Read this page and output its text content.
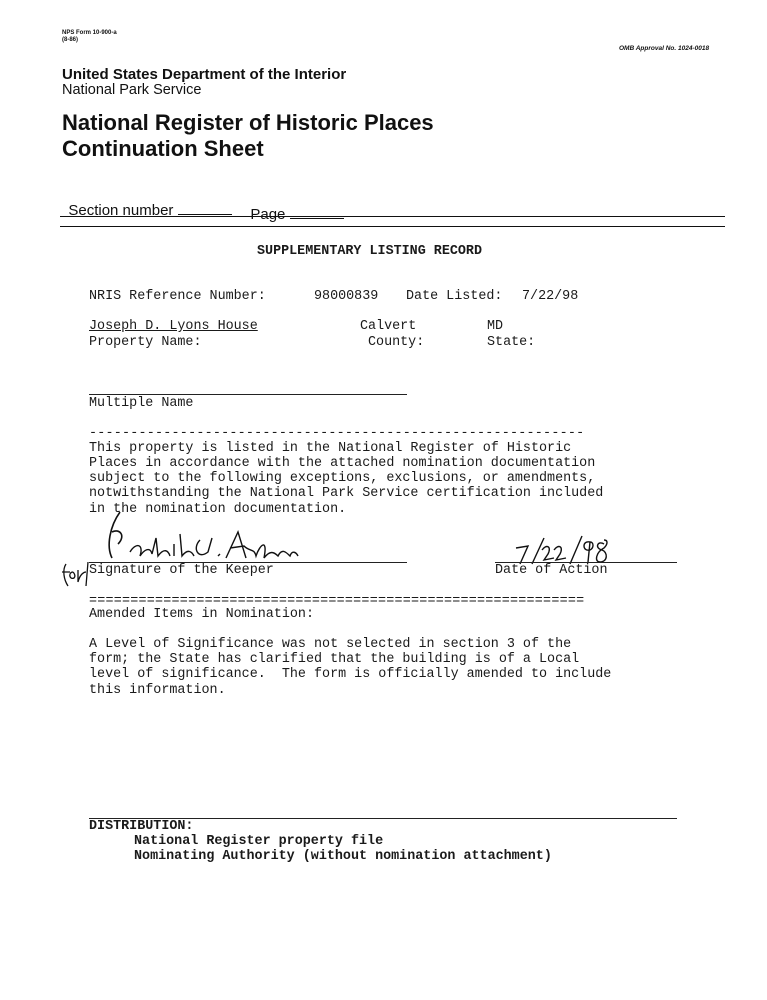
NPS Form 10-900-a
(8-86)
OMB Approval No. 1024-0018
United States Department of the Interior
National Park Service
National Register of Historic Places
Continuation Sheet

Section number	Page

SUPPLEMENTARY LISTING RECORD
NRIS Reference Number:	98000839 Date Listed: 7/22/98
Joseph D. Lyons House	Calvert	MD
Property Name:	County:	State:
Multiple Name
------------------------------------------------------------
This property is listed in the National Register of Historic
Places in accordance with the attached nomination documentation
subject to the following exceptions, exclusions, or amendments,
notwithstanding the National Park Service certification included
in the nomination documentation.
Signature of the Keeper	Date of Action
============================================================
Amended Items in Nomination:
A Level of Significance was not selected in section 3 of the
form; the State has clarified that the building is of a Local
level of significance.  The form is officially amended to include
this information.
DISTRIBUTION:
National Register property file
Nominating Authority (without nomination attachment)
